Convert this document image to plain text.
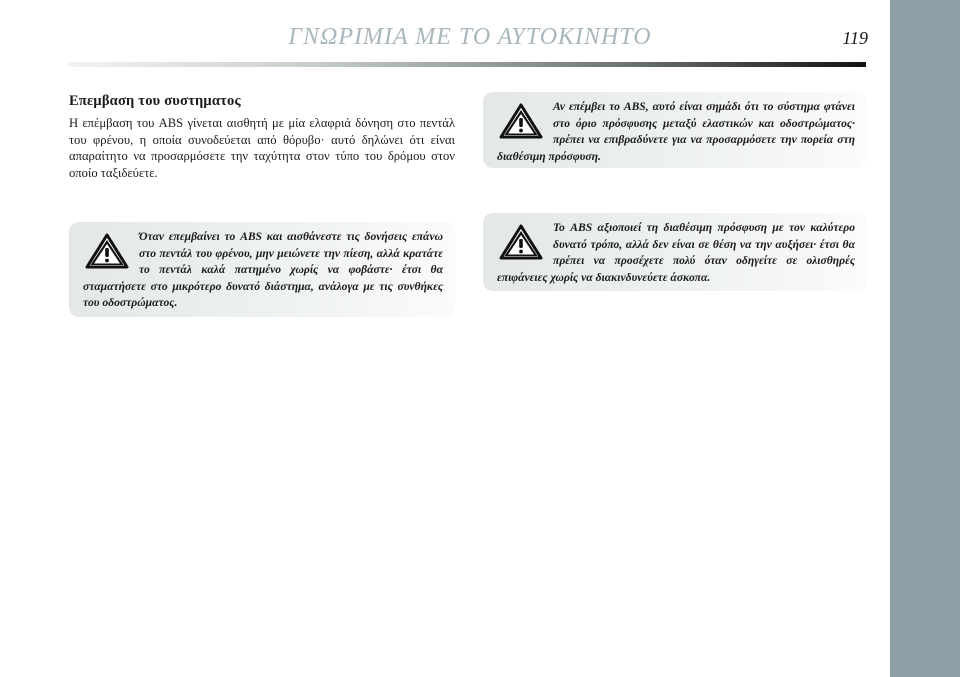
ΓΝΩΡΙΜΙΑ ΜΕ ΤΟ ΑΥΤΟΚΙΝΗΤΟ	119
Επεμβαση του συστηματος
Η επέμβαση του ABS γίνεται αισθητή με μία ελαφριά δόνηση στο πεντάλ του φρένου, η οποία συνοδεύεται από θόρυβο· αυτό δηλώνει ότι είναι απαραίτητο να προσαρμόσετε την ταχύτητα στον τύπο του δρόμου στον οποίο ταξιδεύετε.
Όταν επεμβαίνει το ABS και αισθάνεστε τις δονήσεις επάνω στο πεντάλ του φρένου, μην μειώνετε την πίεση, αλλά κρατάτε το πεντάλ καλά πατημένο χωρίς να φοβάστε· έτσι θα σταματήσετε στο μικρότερο δυνατό διάστημα, ανάλογα με τις συνθήκες του οδοστρώματος.
Αν επέμβει το ABS, αυτό είναι σημάδι ότι το σύστημα φτάνει στο όριο πρόσφυσης μεταξύ ελαστικών και οδοστρώματος· πρέπει να επιβραδύνετε για να προσαρμόσετε την πορεία στη διαθέσιμη πρόσφυση.
Το ABS αξιοποιεί τη διαθέσιμη πρόσφυση με τον καλύτερο δυνατό τρόπο, αλλά δεν είναι σε θέση να την αυξήσει· έτσι θα πρέπει να προσέχετε πολύ όταν οδηγείτε σε ολισθηρές επιφάνειες χωρίς να διακινδυνεύετε άσκοπα.
